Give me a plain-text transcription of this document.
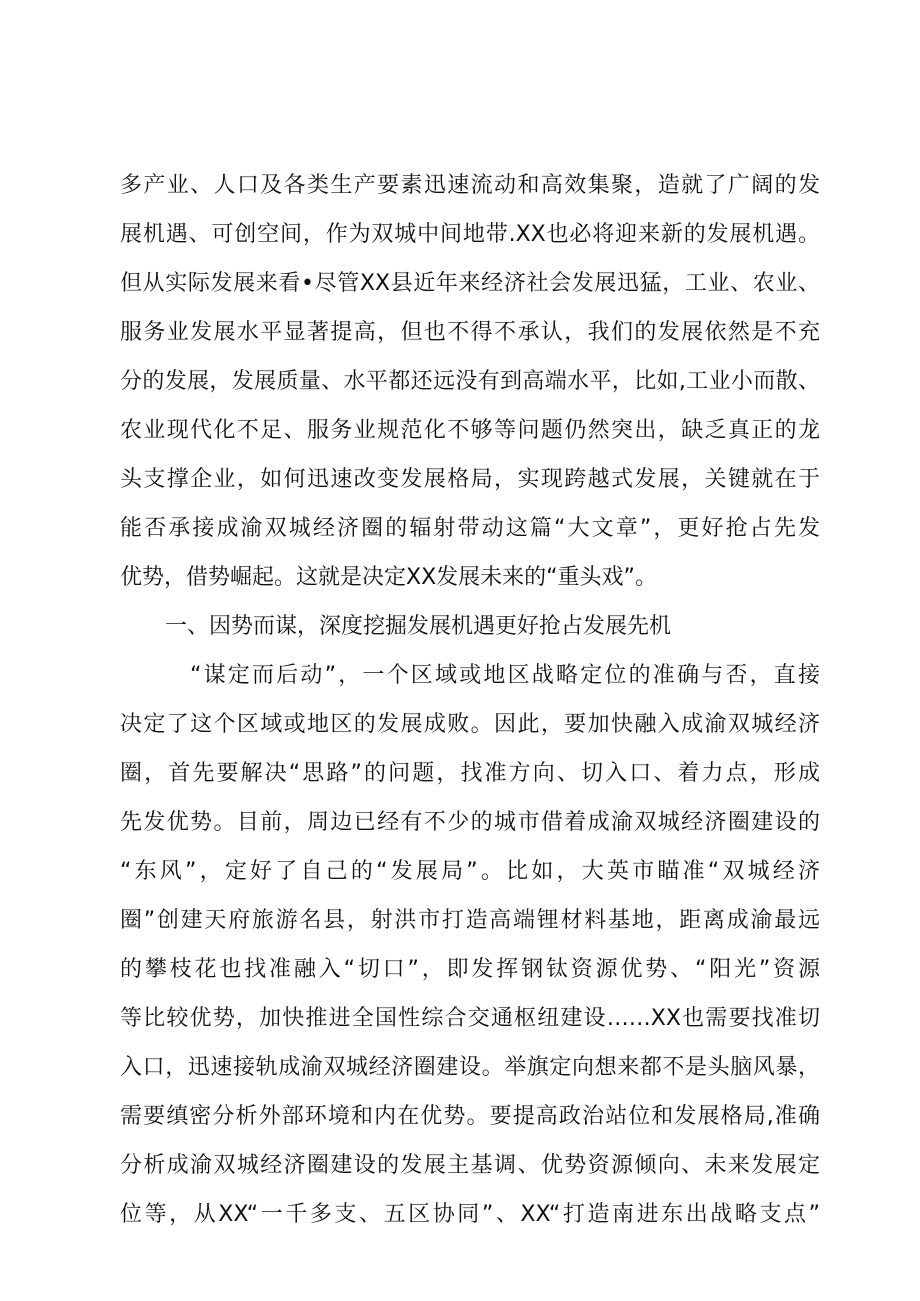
多产业、人口及各类生产要素迅速流动和高效集聚，造就了广阔的发
展机遇、可创空间，作为双城中间地带.XX也必将迎来新的发展机遇。
但从实际发展来看•尽管XX县近年来经济社会发展迅猛，工业、农业、
服务业发展水平显著提高，但也不得不承认，我们的发展依然是不充
分的发展，发展质量、水平都还远没有到高端水平，比如,工业小而散、
农业现代化不足、服务业规范化不够等问题仍然突出，缺乏真正的龙
头支撑企业，如何迅速改变发展格局，实现跨越式发展，关键就在于
能否承接成渝双城经济圈的辐射带动这篇“大文章”，更好抢占先发
优势，借势崛起。这就是决定XX发展未来的“重头戏”。
一、因势而谋，深度挖掘发展机遇更好抢占发展先机
“谋定而后动”，一个区域或地区战略定位的准确与否，直接
决定了这个区域或地区的发展成败。因此，要加快融入成渝双城经济
圈，首先要解决“思路”的问题，找准方向、切入口、着力点，形成
先发优势。目前，周边已经有不少的城市借着成渝双城经济圈建设的
“东风”，定好了自己的“发展局”。比如，大英市瞄准“双城经济
圈”创建天府旅游名县，射洪市打造高端锂材料基地，距离成渝最远
的攀枝花也找准融入“切口”，即发挥钢钛资源优势、“阳光”资源
等比较优势，加快推进全国性综合交通枢纽建设……XX也需要找准切
入口，迅速接轨成渝双城经济圈建设。举旗定向想来都不是头脑风暴，
需要缜密分析外部环境和内在优势。要提高政治站位和发展格局,准确
分析成渝双城经济圈建设的发展主基调、优势资源倾向、未来发展定
位等，从XX“一千多支、五区协同”、XX“打造南进东出战略支点”
